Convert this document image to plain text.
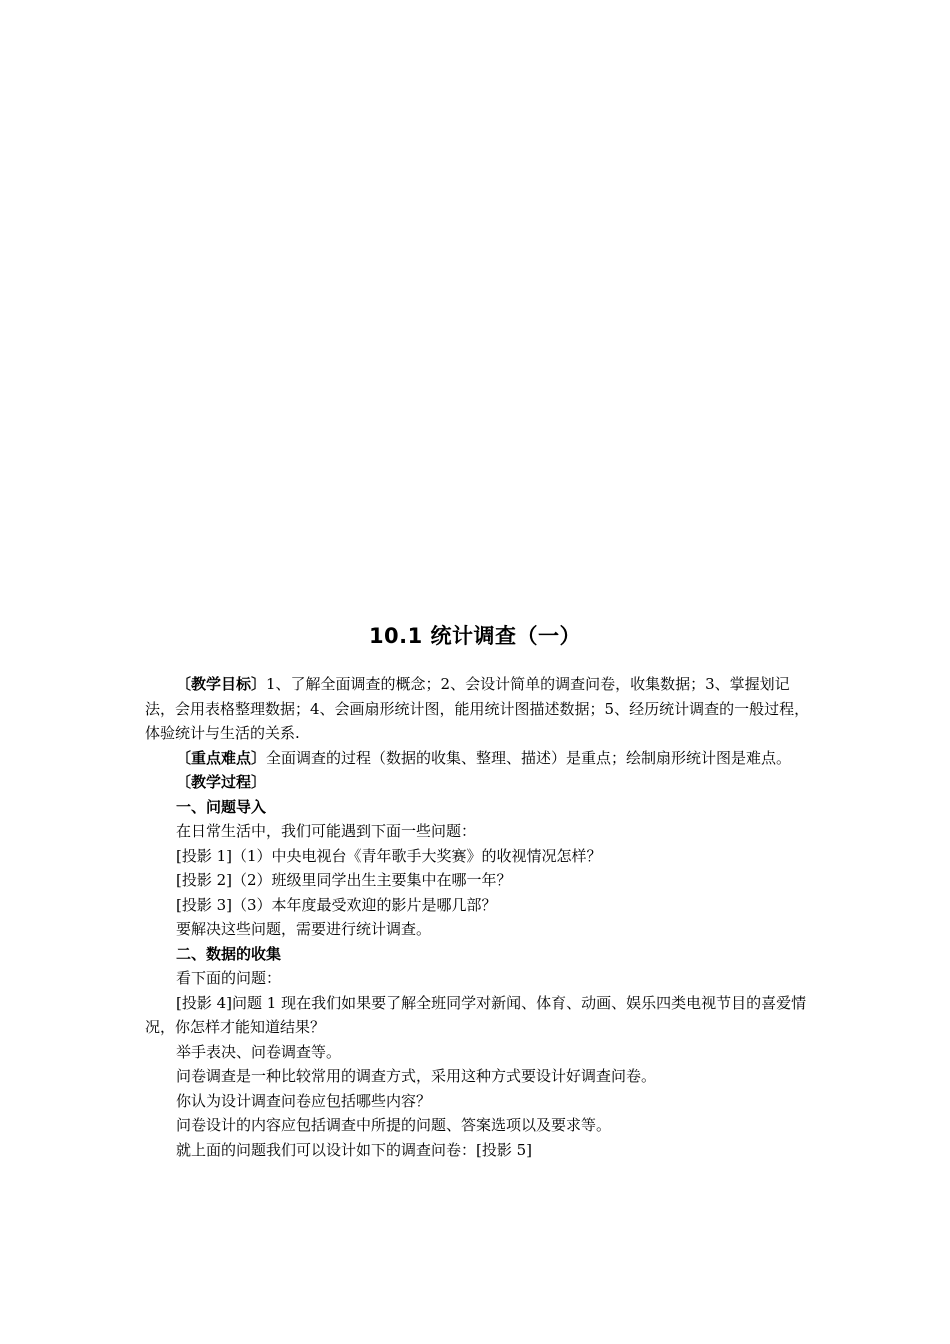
10.1 统计调查（一）

〔教学目标〕1、了解全面调查的概念；2、会设计简单的调查问卷，收集数据；3、掌握划记法，会用表格整理数据；4、会画扇形统计图，能用统计图描述数据；5、经历统计调查的一般过程，体验统计与生活的关系.

〔重点难点〕全面调查的过程（数据的收集、整理、描述）是重点；绘制扇形统计图是难点。

〔教学过程〕

一、问题导入

在日常生活中，我们可能遇到下面一些问题：

[投影 1]（1）中央电视台《青年歌手大奖赛》的收视情况怎样？

[投影 2]（2）班级里同学出生主要集中在哪一年？

[投影 3]（3）本年度最受欢迎的影片是哪几部？

要解决这些问题，需要进行统计调查。

二、数据的收集

看下面的问题：

[投影 4]问题 1 现在我们如果要了解全班同学对新闻、体育、动画、娱乐四类电视节目的喜爱情况，你怎样才能知道结果？

举手表决、问卷调查等。

问卷调查是一种比较常用的调查方式，采用这种方式要设计好调查问卷。

你认为设计调查问卷应包括哪些内容？

问卷设计的内容应包括调查中所提的问题、答案选项以及要求等。

就上面的问题我们可以设计如下的调查问卷：[投影 5]
